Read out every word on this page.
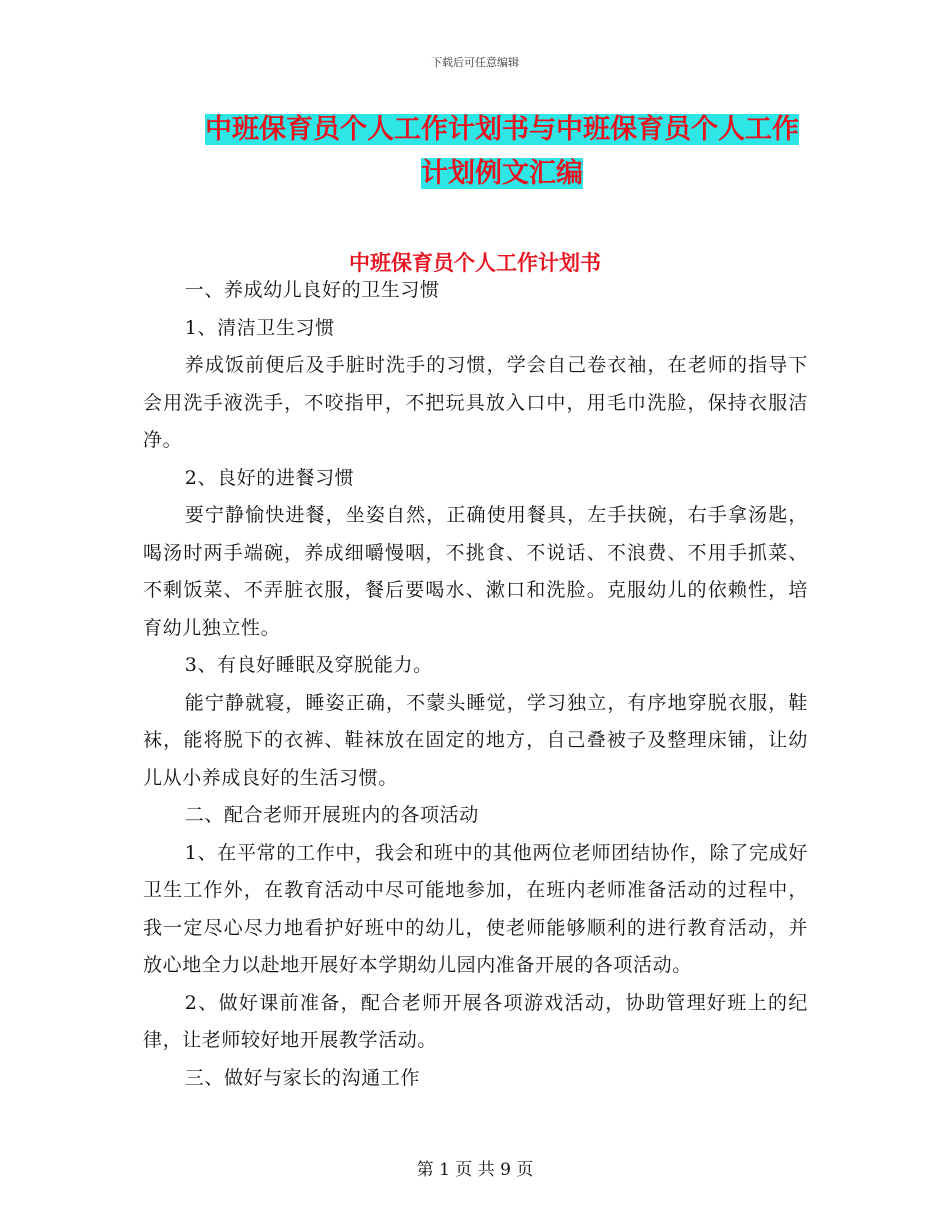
下载后可任意编辑
中班保育员个人工作计划书与中班保育员个人工作计划例文汇编
中班保育员个人工作计划书

一、养成幼儿良好的卫生习惯

1、清洁卫生习惯

养成饭前便后及手脏时洗手的习惯，学会自己卷衣袖，在老师的指导下会用洗手液洗手，不咬指甲，不把玩具放入口中，用毛巾洗脸，保持衣服洁净。

2、良好的进餐习惯

要宁静愉快进餐，坐姿自然，正确使用餐具，左手扶碗，右手拿汤匙，喝汤时两手端碗，养成细嚼慢咽，不挑食、不说话、不浪费、不用手抓菜、不剩饭菜、不弄脏衣服，餐后要喝水、漱口和洗脸。克服幼儿的依赖性，培育幼儿独立性。

3、有良好睡眠及穿脱能力。

能宁静就寝，睡姿正确，不蒙头睡觉，学习独立，有序地穿脱衣服，鞋袜，能将脱下的衣裤、鞋袜放在固定的地方，自己叠被子及整理床铺，让幼儿从小养成良好的生活习惯。

二、配合老师开展班内的各项活动

1、在平常的工作中，我会和班中的其他两位老师团结协作，除了完成好卫生工作外，在教育活动中尽可能地参加，在班内老师准备活动的过程中，我一定尽心尽力地看护好班中的幼儿，使老师能够顺利的进行教育活动，并放心地全力以赴地开展好本学期幼儿园内准备开展的各项活动。

2、做好课前准备，配合老师开展各项游戏活动，协助管理好班上的纪律，让老师较好地开展教学活动。

三、做好与家长的沟通工作

第 1 页 共 9 页
